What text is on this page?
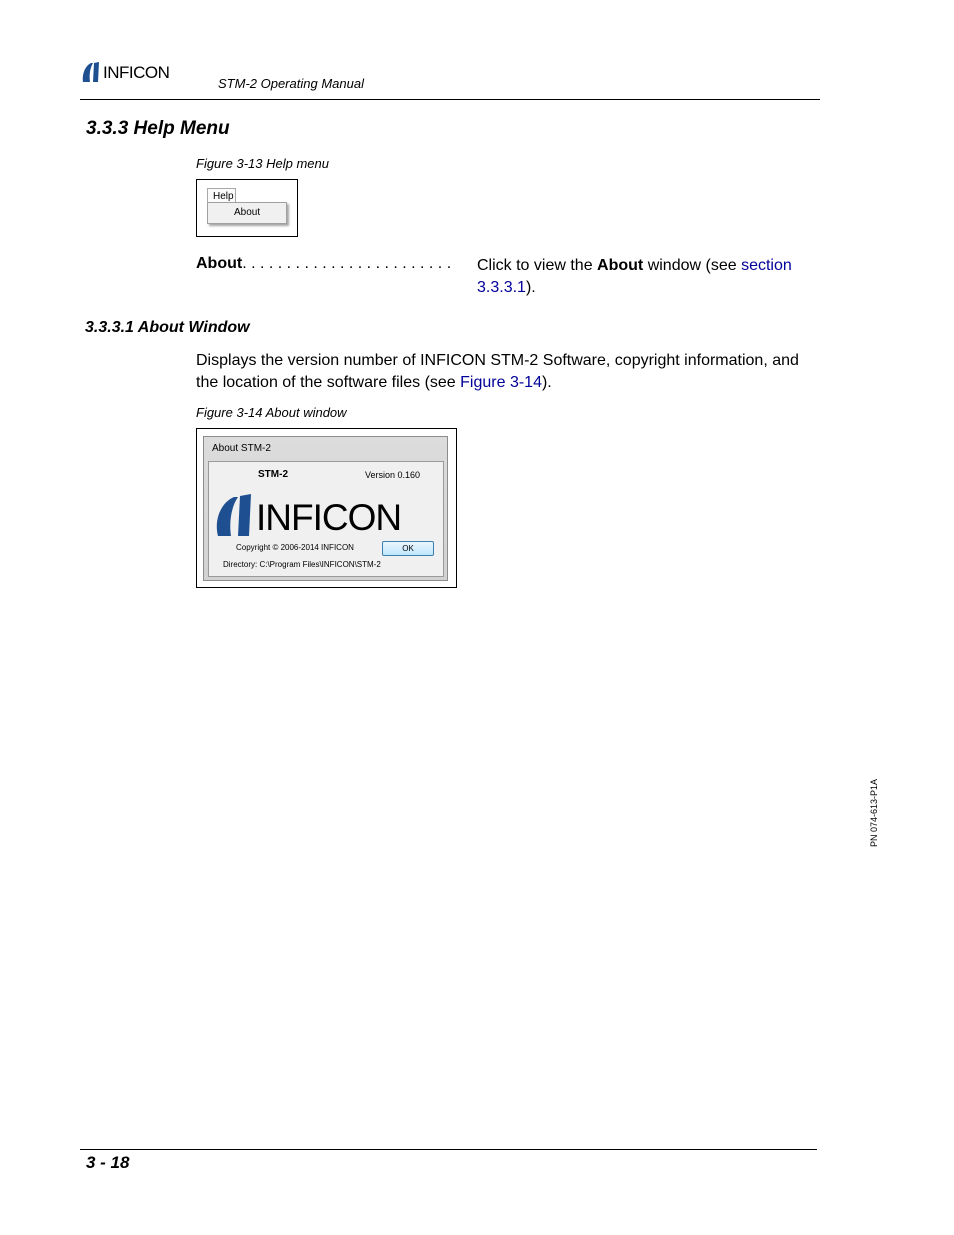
INFICON
STM-2 Operating Manual
3.3.3 Help Menu
Figure 3-13 Help menu
Help
About
About. . . . . . . . . . . . . . . . . . . . . . . . Click to view the About window (see section 3.3.3.1).
3.3.3.1 About Window
Displays the version number of INFICON STM-2 Software, copyright information, and the location of the software files (see Figure 3-14).
Figure 3-14 About window
About STM-2
STM-2	Version 0.160
INFICON
Copyright © 2006-2014 INFICON	OK
Directory: C:\Program Files\INFICON\STM-2
PN 074-613-P1A
3 - 18
